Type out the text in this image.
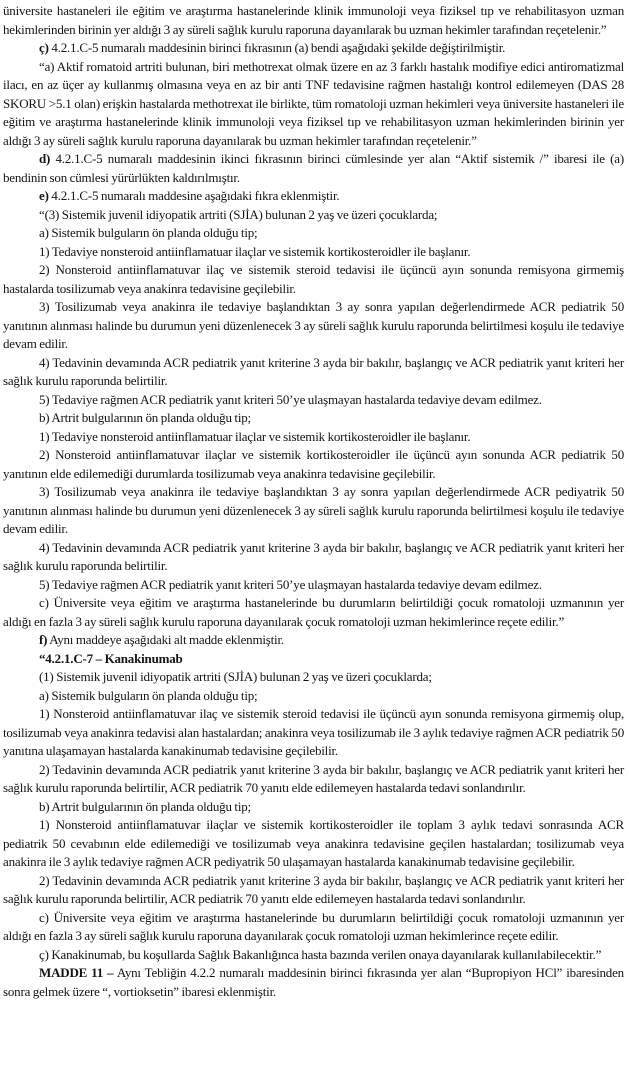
üniversite hastaneleri ile eğitim ve araştırma hastanelerinde klinik immunoloji veya fiziksel tıp ve rehabilitasyon uzman hekimlerinden birinin yer aldığı 3 ay süreli sağlık kurulu raporuna dayanılarak bu uzman hekimler tarafından reçetelenir.”

ç) 4.2.1.C-5 numaralı maddesinin birinci fıkrasının (a) bendi aşağıdaki şekilde değiştirilmiştir.

“a) Aktif romatoid artriti bulunan, biri methotrexat olmak üzere en az 3 farklı hastalık modifiye edici antiromatizmal ilacı, en az üçer ay kullanmış olmasına veya en az bir anti TNF tedavisine rağmen hastalığı kontrol edilemeyen (DAS 28 SKORU >5.1 olan) erişkin hastalarda methotrexat ile birlikte, tüm romatoloji uzman hekimleri veya üniversite hastaneleri ile eğitim ve araştırma hastanelerinde klinik immunoloji veya fiziksel tıp ve rehabilitasyon uzman hekimlerinden birinin yer aldığı 3 ay süreli sağlık kurulu raporuna dayanılarak bu uzman hekimler tarafından reçetelenir.”

d) 4.2.1.C-5 numaralı maddesinin ikinci fıkrasının birinci cümlesinde yer alan “Aktif sistemik /” ibaresi ile (a) bendinin son cümlesi yürürlükten kaldırılmıştır.

e) 4.2.1.C-5 numaralı maddesine aşağıdaki fıkra eklenmiştir.

“(3) Sistemik juvenil idiyopatik artriti (SJİA) bulunan 2 yaş ve üzeri çocuklarda;

a) Sistemik bulguların ön planda olduğu tip;

1) Tedaviye nonsteroid antiinflamatuar ilaçlar ve sistemik kortikosteroidler ile başlanır.

2) Nonsteroid antiinflamatuvar ilaç ve sistemik steroid tedavisi ile üçüncü ayın sonunda remisyona girmemiş hastalarda tosilizumab veya anakinra tedavisine geçilebilir.

3) Tosilizumab veya anakinra ile tedaviye başlandıktan 3 ay sonra yapılan değerlendirmede ACR pediatrik 50 yanıtının alınması halinde bu durumun yeni düzenlenecek 3 ay süreli sağlık kurulu raporunda belirtilmesi koşulu ile tedaviye devam edilir.

4) Tedavinin devamında ACR pediatrik yanıt kriterine 3 ayda bir bakılır, başlangıç ve ACR pediatrik yanıt kriteri her sağlık kurulu raporunda belirtilir.

5) Tedaviye rağmen ACR pediatrik yanıt kriteri 50’ye ulaşmayan hastalarda tedaviye devam edilmez.

b) Artrit bulgularının ön planda olduğu tip;

1) Tedaviye nonsteroid antiinflamatuar ilaçlar ve sistemik kortikosteroidler ile başlanır.

2) Nonsteroid antiinflamatuvar ilaçlar ve sistemik kortikosteroidler ile üçüncü ayın sonunda ACR pediatrik 50 yanıtının elde edilemediği durumlarda tosilizumab veya anakinra tedavisine geçilebilir.

3) Tosilizumab veya anakinra ile tedaviye başlandıktan 3 ay sonra yapılan değerlendirmede ACR pediyatrik 50 yanıtının alınması halinde bu durumun yeni düzenlenecek 3 ay süreli sağlık kurulu raporunda belirtilmesi koşulu ile tedaviye devam edilir.

4) Tedavinin devamında ACR pediatrik yanıt kriterine 3 ayda bir bakılır, başlangıç ve ACR pediatrik yanıt kriteri her sağlık kurulu raporunda belirtilir.

5) Tedaviye rağmen ACR pediatrik yanıt kriteri 50’ye ulaşmayan hastalarda tedaviye devam edilmez.

c) Üniversite veya eğitim ve araştırma hastanelerinde bu durumların belirtildiği çocuk romatoloji uzmanının yer aldığı en fazla 3 ay süreli sağlık kurulu raporuna dayanılarak çocuk romatoloji uzman hekimlerince reçete edilir.”

f) Aynı maddeye aşağıdaki alt madde eklenmiştir.

“4.2.1.C-7 – Kanakinumab

(1) Sistemik juvenil idiyopatik artriti (SJİA) bulunan 2 yaş ve üzeri çocuklarda;

a) Sistemik bulguların ön planda olduğu tip;

1) Nonsteroid antiinflamatuvar ilaç ve sistemik steroid tedavisi ile üçüncü ayın sonunda remisyona girmemiş olup, tosilizumab veya anakinra tedavisi alan hastalardan; anakinra veya tosilizumab ile 3 aylık tedaviye rağmen ACR pediatrik 50 yanıtına ulaşamayan hastalarda kanakinumab tedavisine geçilebilir.

2) Tedavinin devamında ACR pediatrik yanıt kriterine 3 ayda bir bakılır, başlangıç ve ACR pediatrik yanıt kriteri her sağlık kurulu raporunda belirtilir, ACR pediatrik 70 yanıtı elde edilemeyen hastalarda tedavi sonlandırılır.

b) Artrit bulgularının ön planda olduğu tip;

1) Nonsteroid antiinflamatuvar ilaçlar ve sistemik kortikosteroidler ile toplam 3 aylık tedavi sonrasında ACR pediatrik 50 cevabının elde edilemediği ve tosilizumab veya anakinra tedavisine geçilen hastalardan; tosilizumab veya anakinra ile 3 aylık tedaviye rağmen ACR pediyatrik 50 ulaşamayan hastalarda kanakinumab tedavisine geçilebilir.

2) Tedavinin devamında ACR pediatrik yanıt kriterine 3 ayda bir bakılır, başlangıç ve ACR pediatrik yanıt kriteri her sağlık kurulu raporunda belirtilir, ACR pediatrik 70 yanıtı elde edilemeyen hastalarda tedavi sonlandırılır.

c) Üniversite veya eğitim ve araştırma hastanelerinde bu durumların belirtildiği çocuk romatoloji uzmanının yer aldığı en fazla 3 ay süreli sağlık kurulu raporuna dayanılarak çocuk romatoloji uzman hekimlerince reçete edilir.

ç) Kanakinumab, bu koşullarda Sağlık Bakanlığınca hasta bazında verilen onaya dayanılarak kullanılabilecektir.”

MADDE 11 – Aynı Tebliğin 4.2.2 numaralı maddesinin birinci fıkrasında yer alan “Bupropiyon HCl” ibaresinden sonra gelmek üzere “, vortioksetin” ibaresi eklenmiştir.
